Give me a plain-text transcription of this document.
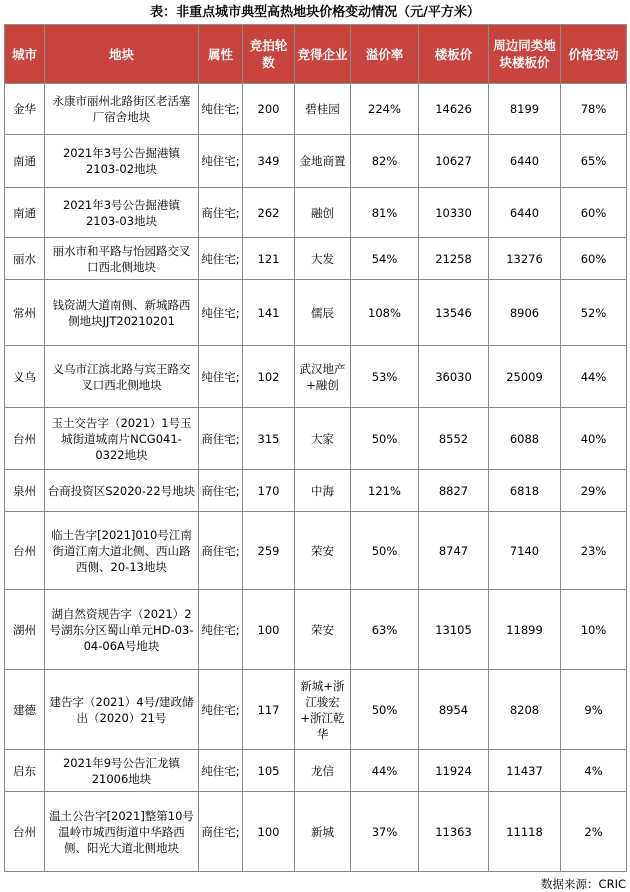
表：非重点城市典型高热地块价格变动情况（元/平方米）
城市	地块	属性	竞拍轮数	竞得企业	溢价率	楼板价	周边同类地块楼板价	价格变动
金华	永康市丽州北路街区老活塞厂宿舍地块	纯住宅;	200	碧桂园	224%	14626	8199	78%
南通	2021年3号公告掘港镇2103-02地块	纯住宅;	349	金地商置	82%	10627	6440	65%
南通	2021年3号公告掘港镇2103-03地块	商住宅;	262	融创	81%	10330	6440	60%
丽水	丽水市和平路与怡园路交叉口西北侧地块	纯住宅;	121	大发	54%	21258	13276	60%
常州	钱资湖大道南侧、新城路西侧地块JJT20210201	纯住宅;	141	儒辰	108%	13546	8906	52%
义乌	义乌市江滨北路与宾王路交叉口西北侧地块	纯住宅;	102	武汉地产+融创	53%	36030	25009	44%
台州	玉土交告字（2021）1号玉城街道城南片NCG041-0322地块	商住宅;	315	大家	50%	8552	6088	40%
泉州	台商投资区S2020-22号地块	商住宅;	170	中海	121%	8827	6818	29%
台州	临土告字[2021]010号江南街道江南大道北侧、西山路西侧、20-13地块	商住宅;	259	荣安	50%	8747	7140	23%
湖州	湖自然资规告字（2021）2号湖东分区蜀山单元HD-03-04-06A号地块	纯住宅;	100	荣安	63%	13105	11899	10%
建德	建告字（2021）4号/建政储出（2020）21号	纯住宅;	117	新城+浙江骏宏+浙江乾华	50%	8954	8208	9%
启东	2021年9号公告汇龙镇21006地块	纯住宅;	105	龙信	44%	11924	11437	4%
台州	温土公告字[2021]整第10号温岭市城西街道中华路西侧、阳光大道北侧地块	商住宅;	100	新城	37%	11363	11118	2%
数据来源：CRIC
